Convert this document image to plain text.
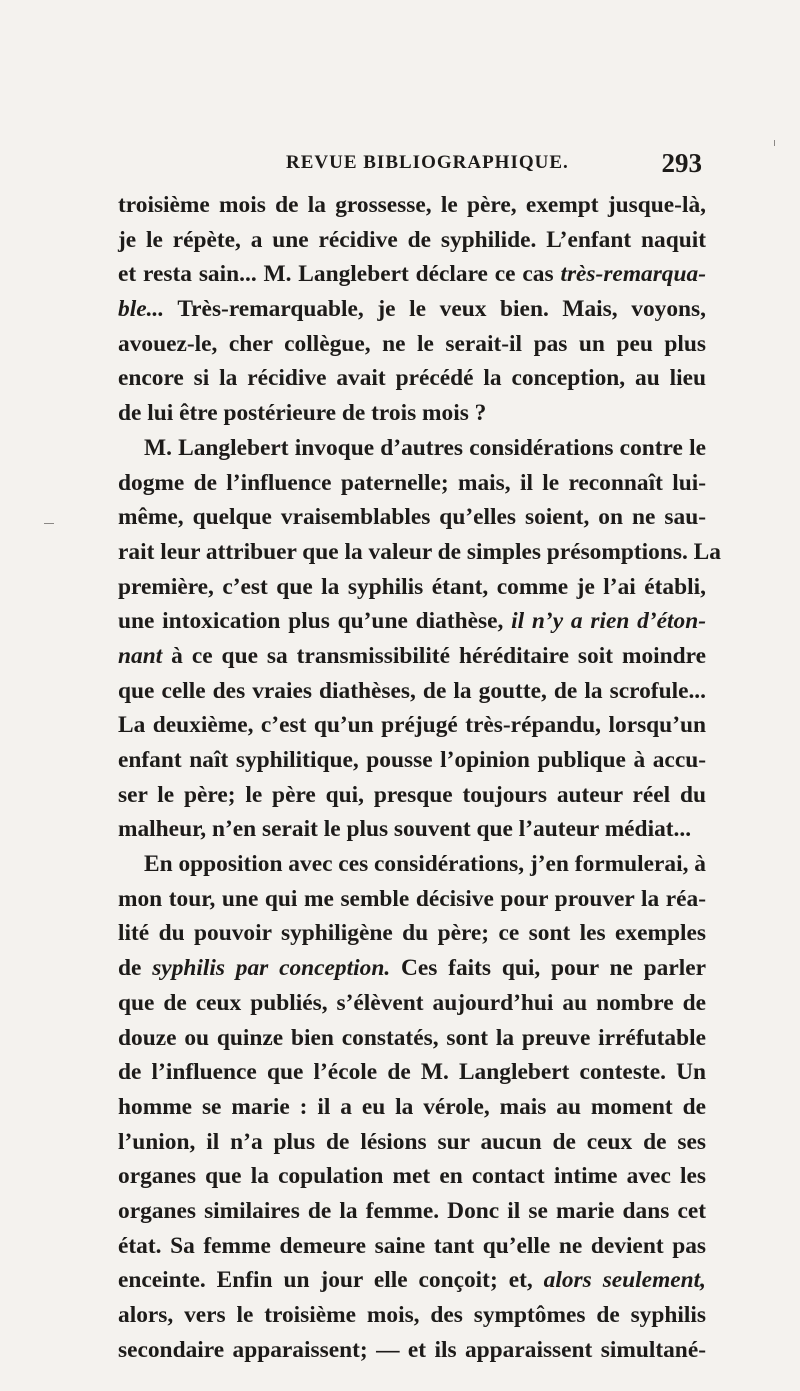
REVUE BIBLIOGRAPHIQUE.	293
troisième mois de la grossesse, le père, exempt jusque-là,
je le répète, a une récidive de syphilide. L’enfant naquit
et resta sain... M. Langlebert déclare ce cas très-remarqua-
ble... Très-remarquable, je le veux bien. Mais, voyons,
avouez-le, cher collègue, ne le serait-il pas un peu plus
encore si la récidive avait précédé la conception, au lieu
de lui être postérieure de trois mois ?
M. Langlebert invoque d’autres considérations contre le
dogme de l’influence paternelle; mais, il le reconnaît lui-
même, quelque vraisemblables qu’elles soient, on ne sau-
rait leur attribuer que la valeur de simples présomptions. La
première, c’est que la syphilis étant, comme je l’ai établi,
une intoxication plus qu’une diathèse, il n’y a rien d’éton-
nant à ce que sa transmissibilité héréditaire soit moindre
que celle des vraies diathèses, de la goutte, de la scrofule...
La deuxième, c’est qu’un préjugé très-répandu, lorsqu’un
enfant naît syphilitique, pousse l’opinion publique à accu-
ser le père; le père qui, presque toujours auteur réel du
malheur, n’en serait le plus souvent que l’auteur médiat...
En opposition avec ces considérations, j’en formulerai, à
mon tour, une qui me semble décisive pour prouver la réa-
lité du pouvoir syphiligène du père; ce sont les exemples
de syphilis par conception. Ces faits qui, pour ne parler
que de ceux publiés, s’élèvent aujourd’hui au nombre de
douze ou quinze bien constatés, sont la preuve irréfutable
de l’influence que l’école de M. Langlebert conteste. Un
homme se marie : il a eu la vérole, mais au moment de
l’union, il n’a plus de lésions sur aucun de ceux de ses
organes que la copulation met en contact intime avec les
organes similaires de la femme. Donc il se marie dans cet
état. Sa femme demeure saine tant qu’elle ne devient pas
enceinte. Enfin un jour elle conçoit; et, alors seulement,
alors, vers le troisième mois, des symptômes de syphilis
secondaire apparaissent; — et ils apparaissent simultané-
